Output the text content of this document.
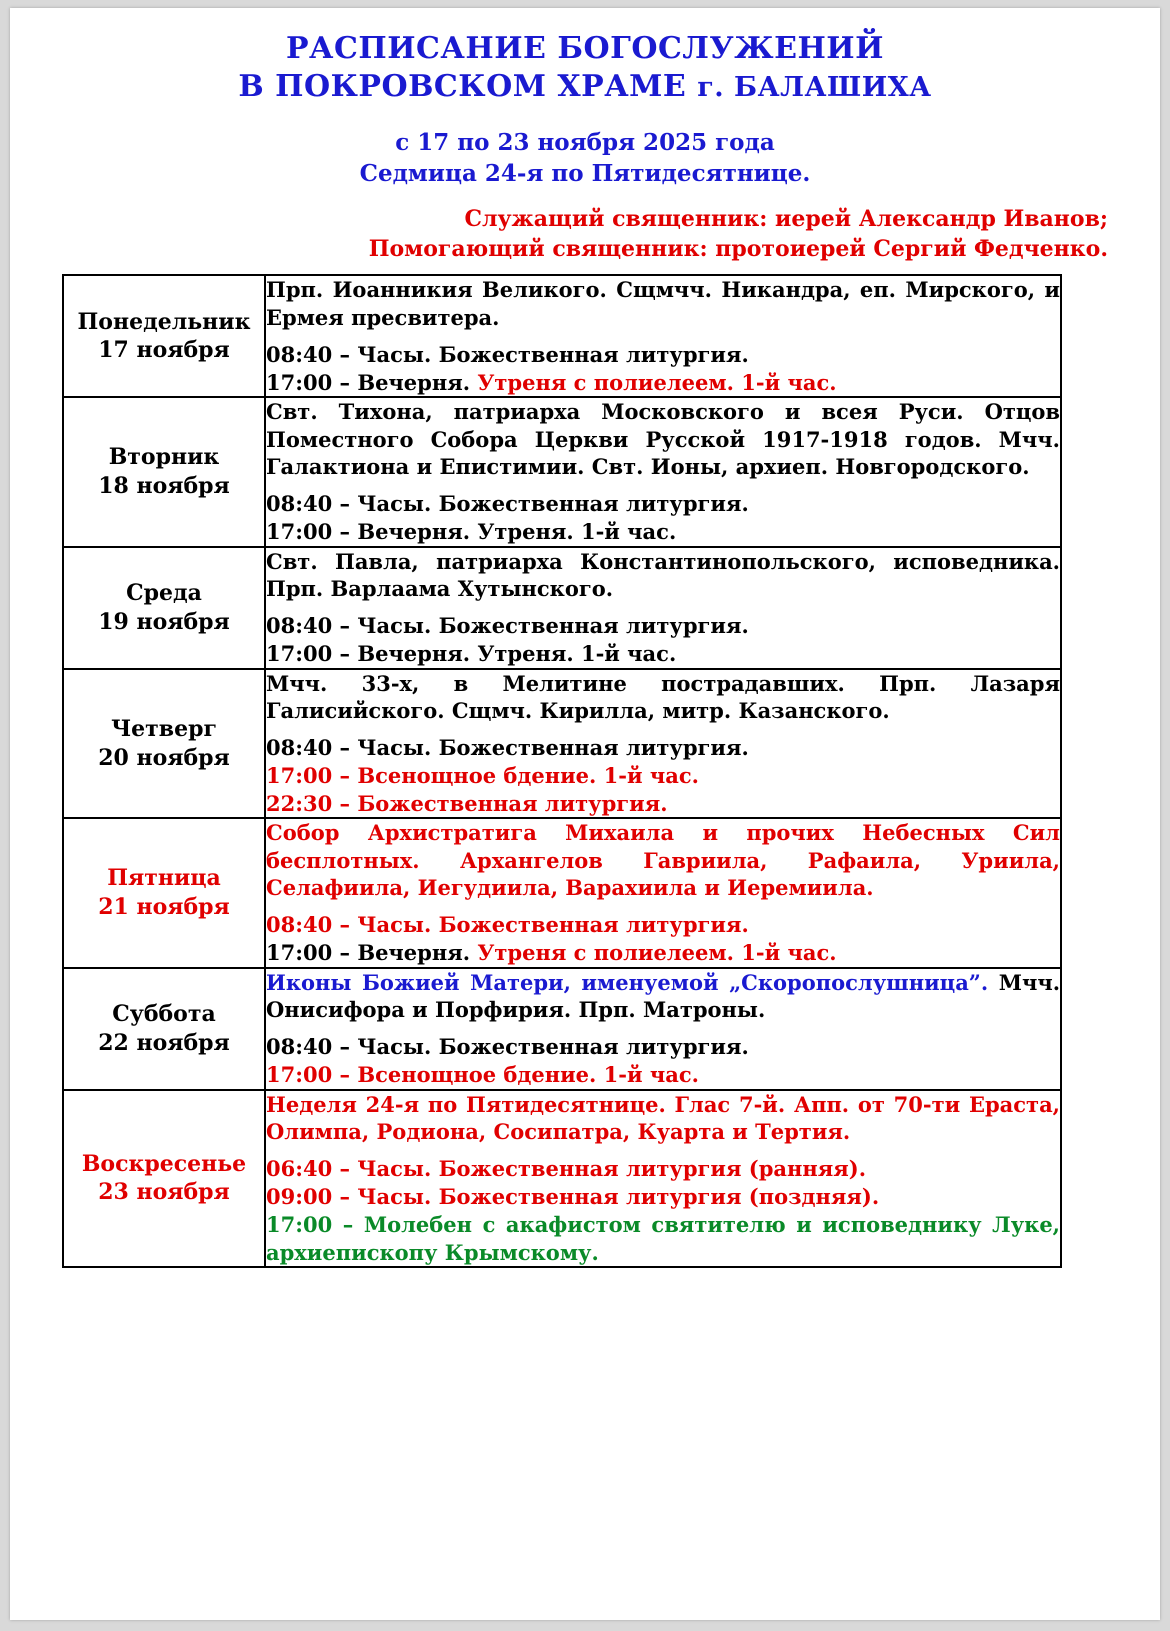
РАСПИСАНИЕ БОГОСЛУЖЕНИЙ
В ПОКРОВСКОМ ХРАМЕ г. БАЛАШИХА
с 17 по 23 ноября 2025 года
Седмица 24-я по Пятидесятнице.
Служащий священник: иерей Александр Иванов;
Помогающий священник: протоиерей Сергий Федченко.
Понедельник
17 ноября

Прп. Иоанникия Великого. Сщмчч. Никандра, еп. Мирского, и Ермея пресвитера.
08:40 – Часы. Божественная литургия.
17:00 – Вечерня. Утреня с полиелеем. 1-й час.

Вторник
18 ноября

Свт. Тихона, патриарха Московского и всея Руси. Отцов Поместного Собора Церкви Русской 1917-1918 годов. Мчч. Галактиона и Епистимии. Свт. Ионы, архиеп. Новгородского.
08:40 – Часы. Божественная литургия.
17:00 – Вечерня. Утреня. 1-й час.

Среда
19 ноября

Свт. Павла, патриарха Константинопольского, исповедника. Прп. Варлаама Хутынского.
08:40 – Часы. Божественная литургия.
17:00 – Вечерня. Утреня. 1-й час.

Четверг
20 ноября

Мчч. 33-х, в Мелитине пострадавших. Прп. Лазаря Галисийского. Сщмч. Кирилла, митр. Казанского.
08:40 – Часы. Божественная литургия.
17:00 – Всенощное бдение. 1-й час.
22:30 – Божественная литургия.

Пятница
21 ноября

Собор Архистратига Михаила и прочих Небесных Сил бесплотных. Архангелов Гавриила, Рафаила, Уриила, Селафиила, Иегудиила, Варахиила и Иеремиила.
08:40 – Часы. Божественная литургия.
17:00 – Вечерня. Утреня с полиелеем. 1-й час.

Суббота
22 ноября

Иконы Божией Матери, именуемой „Скоропослушница”. Мчч. Онисифора и Порфирия. Прп. Матроны.
08:40 – Часы. Божественная литургия.
17:00 – Всенощное бдение. 1-й час.

Воскресенье
23 ноября

Неделя 24-я по Пятидесятнице. Глас 7-й. Апп. от 70-ти Ераста, Олимпа, Родиона, Сосипатра, Куарта и Тертия.
06:40 – Часы. Божественная литургия (ранняя).
09:00 – Часы. Божественная литургия (поздняя).
17:00 – Молебен с акафистом святителю и исповеднику Луке, архиепископу Крымскому.
